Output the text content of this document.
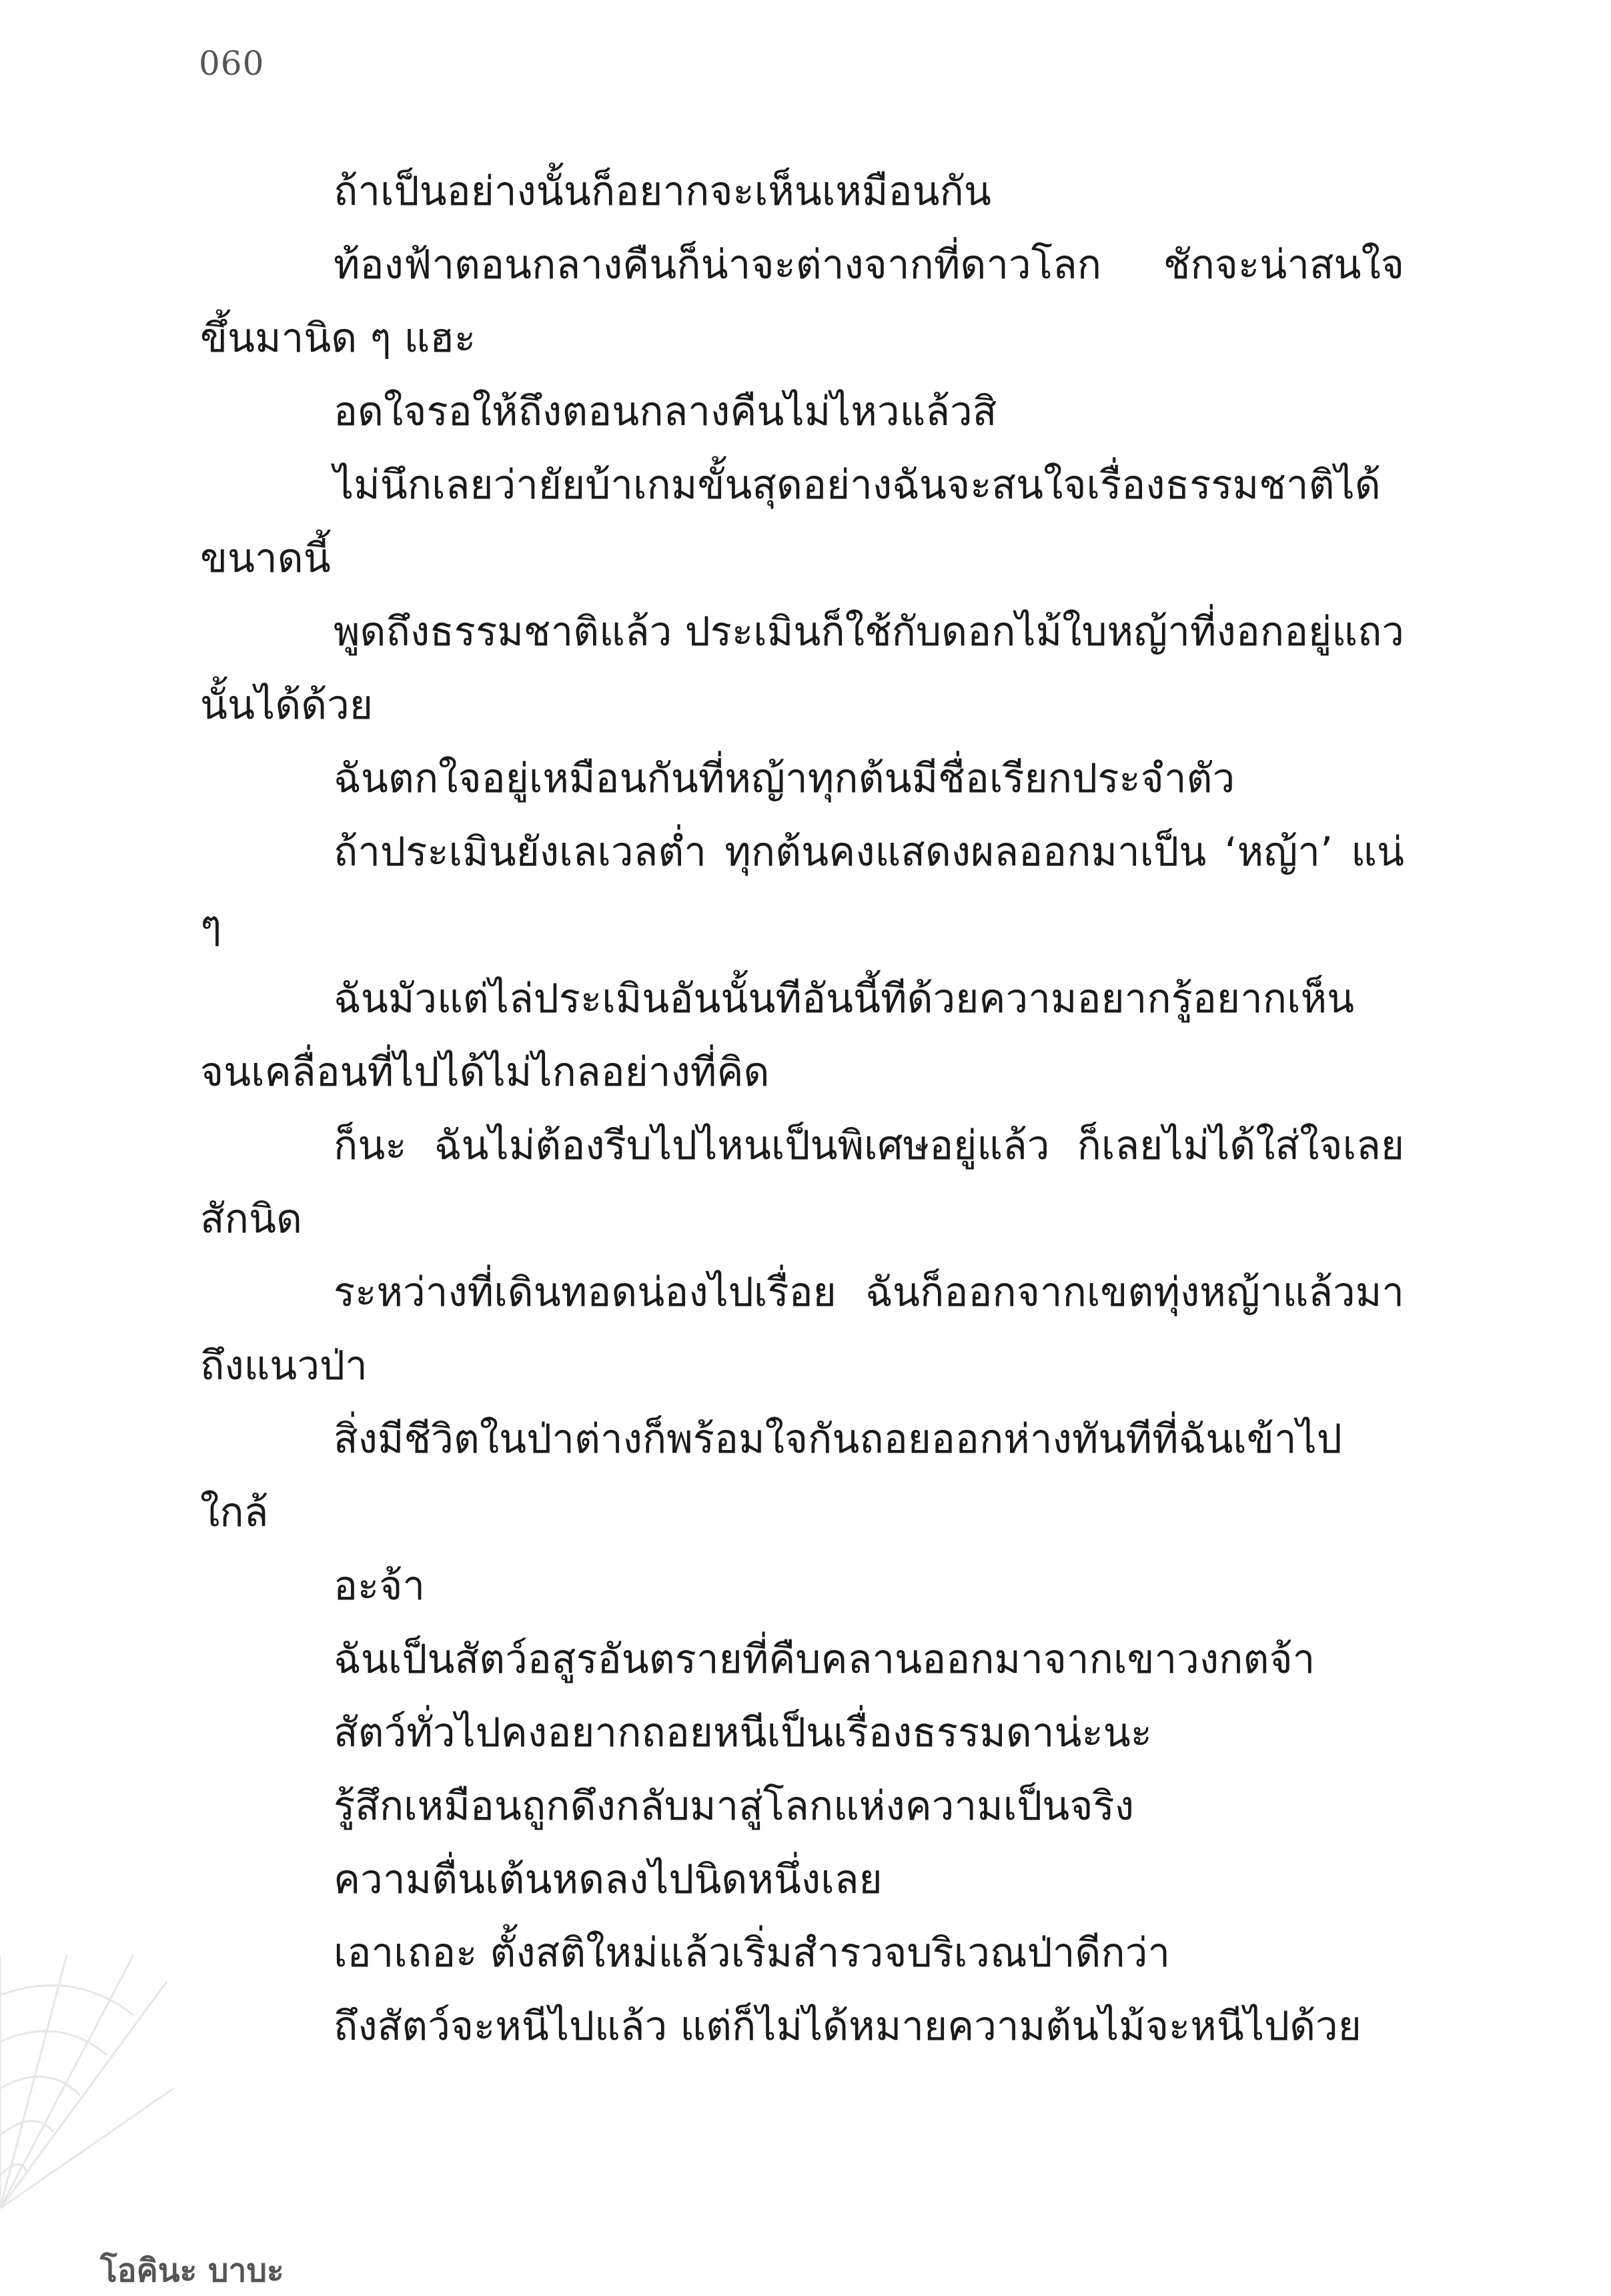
060

ถ้าเป็นอย่างนั้นก็อยากจะเห็นเหมือนกัน

ท้องฟ้าตอนกลางคืนก็น่าจะต่างจากที่ดาวโลก ชักจะน่าสนใจขึ้นมานิด ๆ แฮะ

อดใจรอให้ถึงตอนกลางคืนไม่ไหวแล้วสิ

ไม่นึกเลยว่ายัยบ้าเกมขั้นสุดอย่างฉันจะสนใจเรื่องธรรมชาติได้ขนาดนี้

พูดถึงธรรมชาติแล้ว ประเมินก็ใช้กับดอกไม้ใบหญ้าที่งอกอยู่แถวนั้นได้ด้วย

ฉันตกใจอยู่เหมือนกันที่หญ้าทุกต้นมีชื่อเรียกประจำตัว

ถ้าประเมินยังเลเวลต่ำ ทุกต้นคงแสดงผลออกมาเป็น ‘หญ้า’ แน่ ๆ

ฉันมัวแต่ไล่ประเมินอันนั้นทีอันนี้ทีด้วยความอยากรู้อยากเห็นจนเคลื่อนที่ไปได้ไม่ไกลอย่างที่คิด

ก็นะ ฉันไม่ต้องรีบไปไหนเป็นพิเศษอยู่แล้ว ก็เลยไม่ได้ใส่ใจเลยสักนิด

ระหว่างที่เดินทอดน่องไปเรื่อย ฉันก็ออกจากเขตทุ่งหญ้าแล้วมาถึงแนวป่า

สิ่งมีชีวิตในป่าต่างก็พร้อมใจกันถอยออกห่างทันทีที่ฉันเข้าไปใกล้

อะจ้า

ฉันเป็นสัตว์อสูรอันตรายที่คืบคลานออกมาจากเขาวงกตจ้า

สัตว์ทั่วไปคงอยากถอยหนีเป็นเรื่องธรรมดาน่ะนะ

รู้สึกเหมือนถูกดึงกลับมาสู่โลกแห่งความเป็นจริง

ความตื่นเต้นหดลงไปนิดหนึ่งเลย

เอาเถอะ ตั้งสติใหม่แล้วเริ่มสำรวจบริเวณป่าดีกว่า

ถึงสัตว์จะหนีไปแล้ว แต่ก็ไม่ได้หมายความต้นไม้จะหนีไปด้วย

โอคินะ บาบะ
